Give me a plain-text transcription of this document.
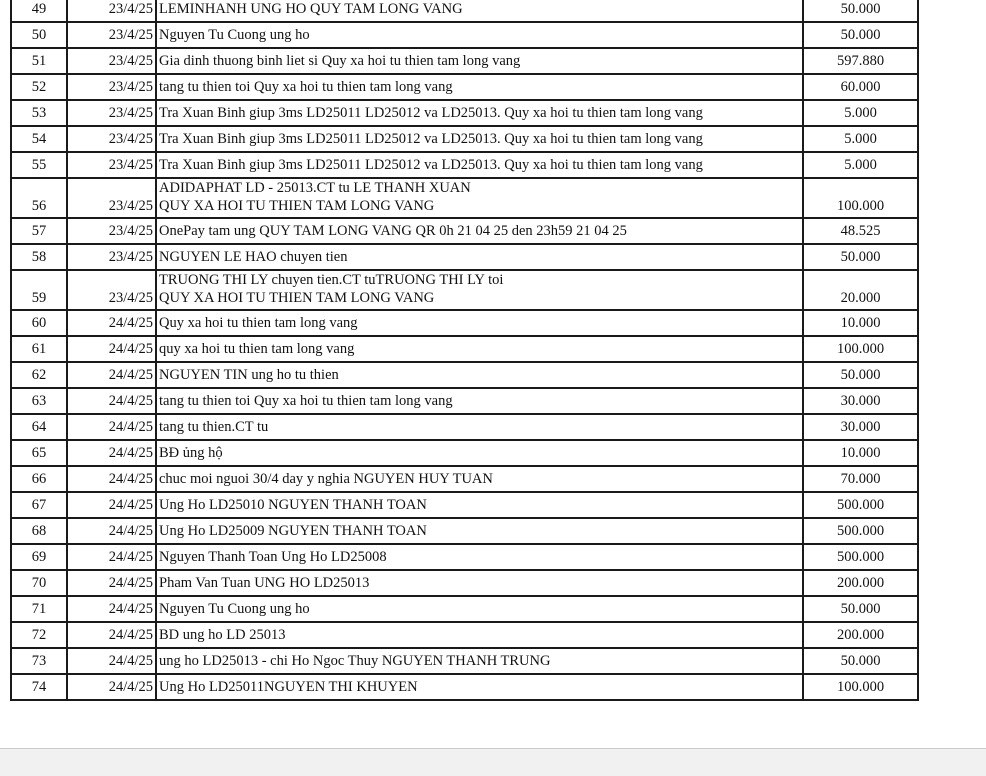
49	23/4/25	LEMINHANH UNG HO QUY TAM LONG VANG	50.000
50	23/4/25	Nguyen Tu Cuong ung ho	50.000
51	23/4/25	Gia dinh thuong binh liet si Quy xa hoi tu thien tam long vang	597.880
52	23/4/25	tang tu thien toi Quy xa hoi tu thien tam long vang	60.000
53	23/4/25	Tra Xuan Binh giup 3ms LD25011 LD25012 va LD25013. Quy xa hoi tu thien tam long vang	5.000
54	23/4/25	Tra Xuan Binh giup 3ms LD25011 LD25012 va LD25013. Quy xa hoi tu thien tam long vang	5.000
55	23/4/25	Tra Xuan Binh giup 3ms LD25011 LD25012 va LD25013. Quy xa hoi tu thien tam long vang	5.000
56	23/4/25	ADIDAPHAT LD - 25013.CT tu LE THANH XUAN
QUY XA HOI TU THIEN TAM LONG VANG	100.000
57	23/4/25	OnePay tam ung QUY TAM LONG VANG QR 0h 21 04 25 den 23h59 21 04 25	48.525
58	23/4/25	NGUYEN LE HAO chuyen tien	50.000
59	23/4/25	TRUONG THI LY chuyen tien.CT tuTRUONG THI LY toi
QUY XA HOI TU THIEN TAM LONG VANG	20.000
60	24/4/25	Quy xa hoi tu thien tam long vang	10.000
61	24/4/25	quy xa hoi tu thien tam long vang	100.000
62	24/4/25	NGUYEN TIN ung ho tu thien	50.000
63	24/4/25	tang tu thien toi Quy xa hoi tu thien tam long vang	30.000
64	24/4/25	tang tu thien.CT tu	30.000
65	24/4/25	BĐ ủng hộ	10.000
66	24/4/25	chuc moi nguoi 30/4 day y nghia NGUYEN HUY TUAN	70.000
67	24/4/25	Ung Ho LD25010 NGUYEN THANH TOAN	500.000
68	24/4/25	Ung Ho LD25009 NGUYEN THANH TOAN	500.000
69	24/4/25	Nguyen Thanh Toan Ung Ho LD25008	500.000
70	24/4/25	Pham Van Tuan UNG HO LD25013	200.000
71	24/4/25	Nguyen Tu Cuong ung ho	50.000
72	24/4/25	BD ung ho LD 25013	200.000
73	24/4/25	ung ho LD25013 - chi Ho Ngoc Thuy NGUYEN THANH TRUNG	50.000
74	24/4/25	Ung Ho LD25011NGUYEN THI KHUYEN	100.000
